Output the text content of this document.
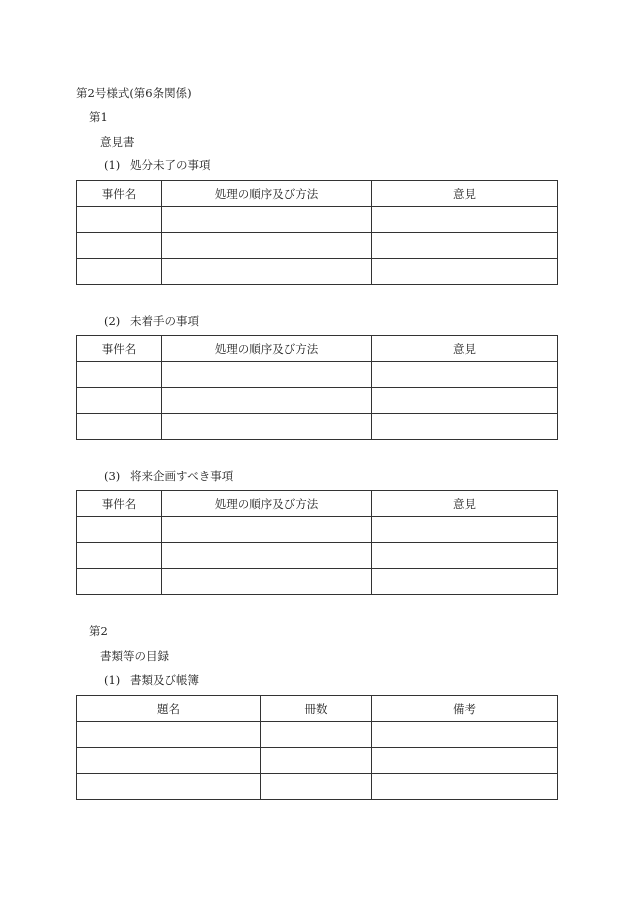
第2号様式(第6条関係)
第1
意見書
(1) 処分未了の事項
事件名	処理の順序及び方法	意見

(2) 未着手の事項
事件名	処理の順序及び方法	意見

(3) 将来企画すべき事項
事件名	処理の順序及び方法	意見

第2
書類等の目録
(1) 書類及び帳簿
題名	冊数	備考
